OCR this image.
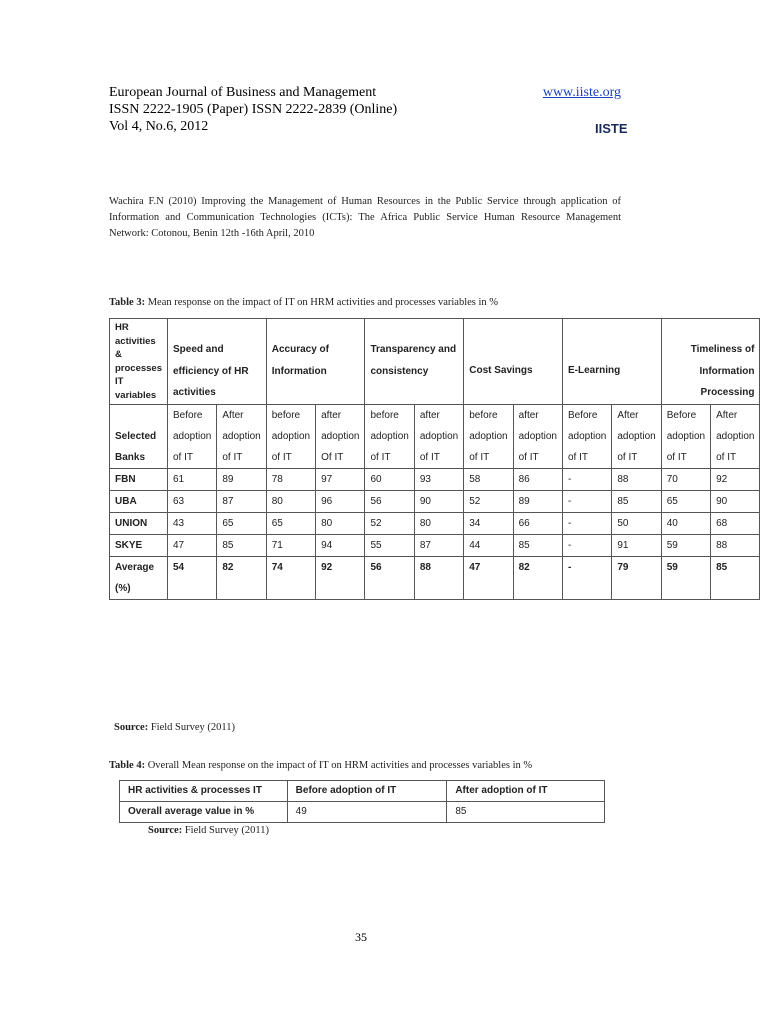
European Journal of Business and Management	www.iiste.org
ISSN 2222-1905 (Paper) ISSN 2222-2839 (Online)
Vol 4, No.6, 2012	IISTE
Wachira F.N (2010) Improving the Management of Human Resources in the Public Service through application of Information and Communication Technologies (ICTs): The Africa Public Service Human Resource Management Network: Cotonou, Benin 12th -16th April, 2010
Table 3: Mean response on the impact of IT on HRM activities and processes variables in %
HR activities & processes IT variables	Speed and efficiency of HR activities		Accuracy of Information		Transparency and consistency		Cost Savings		E-Learning		Timeliness of Information Processing	
Selected Banks	Before adoption of IT	After adoption of IT	before adoption of IT	after adoption Of IT	before adoption of IT	after adoption of IT	before adoption of IT	after adoption of IT	Before adoption of IT	After adoption of IT	Before adoption of IT	After adoption of IT
FBN	61	89	78	97	60	93	58	86	-	88	70	92
UBA	63	87	80	96	56	90	52	89	-	85	65	90
UNION	43	65	65	80	52	80	34	66	-	50	40	68
SKYE	47	85	71	94	55	87	44	85	-	91	59	88
Average (%)	54	82	74	92	56	88	47	82	-	79	59	85
Source: Field Survey (2011)
Table 4: Overall Mean response on the impact of IT on HRM activities and processes variables in %
HR activities & processes IT	Before adoption of IT	After adoption of IT
Overall average value in %	49	85
Source: Field Survey (2011)
35
